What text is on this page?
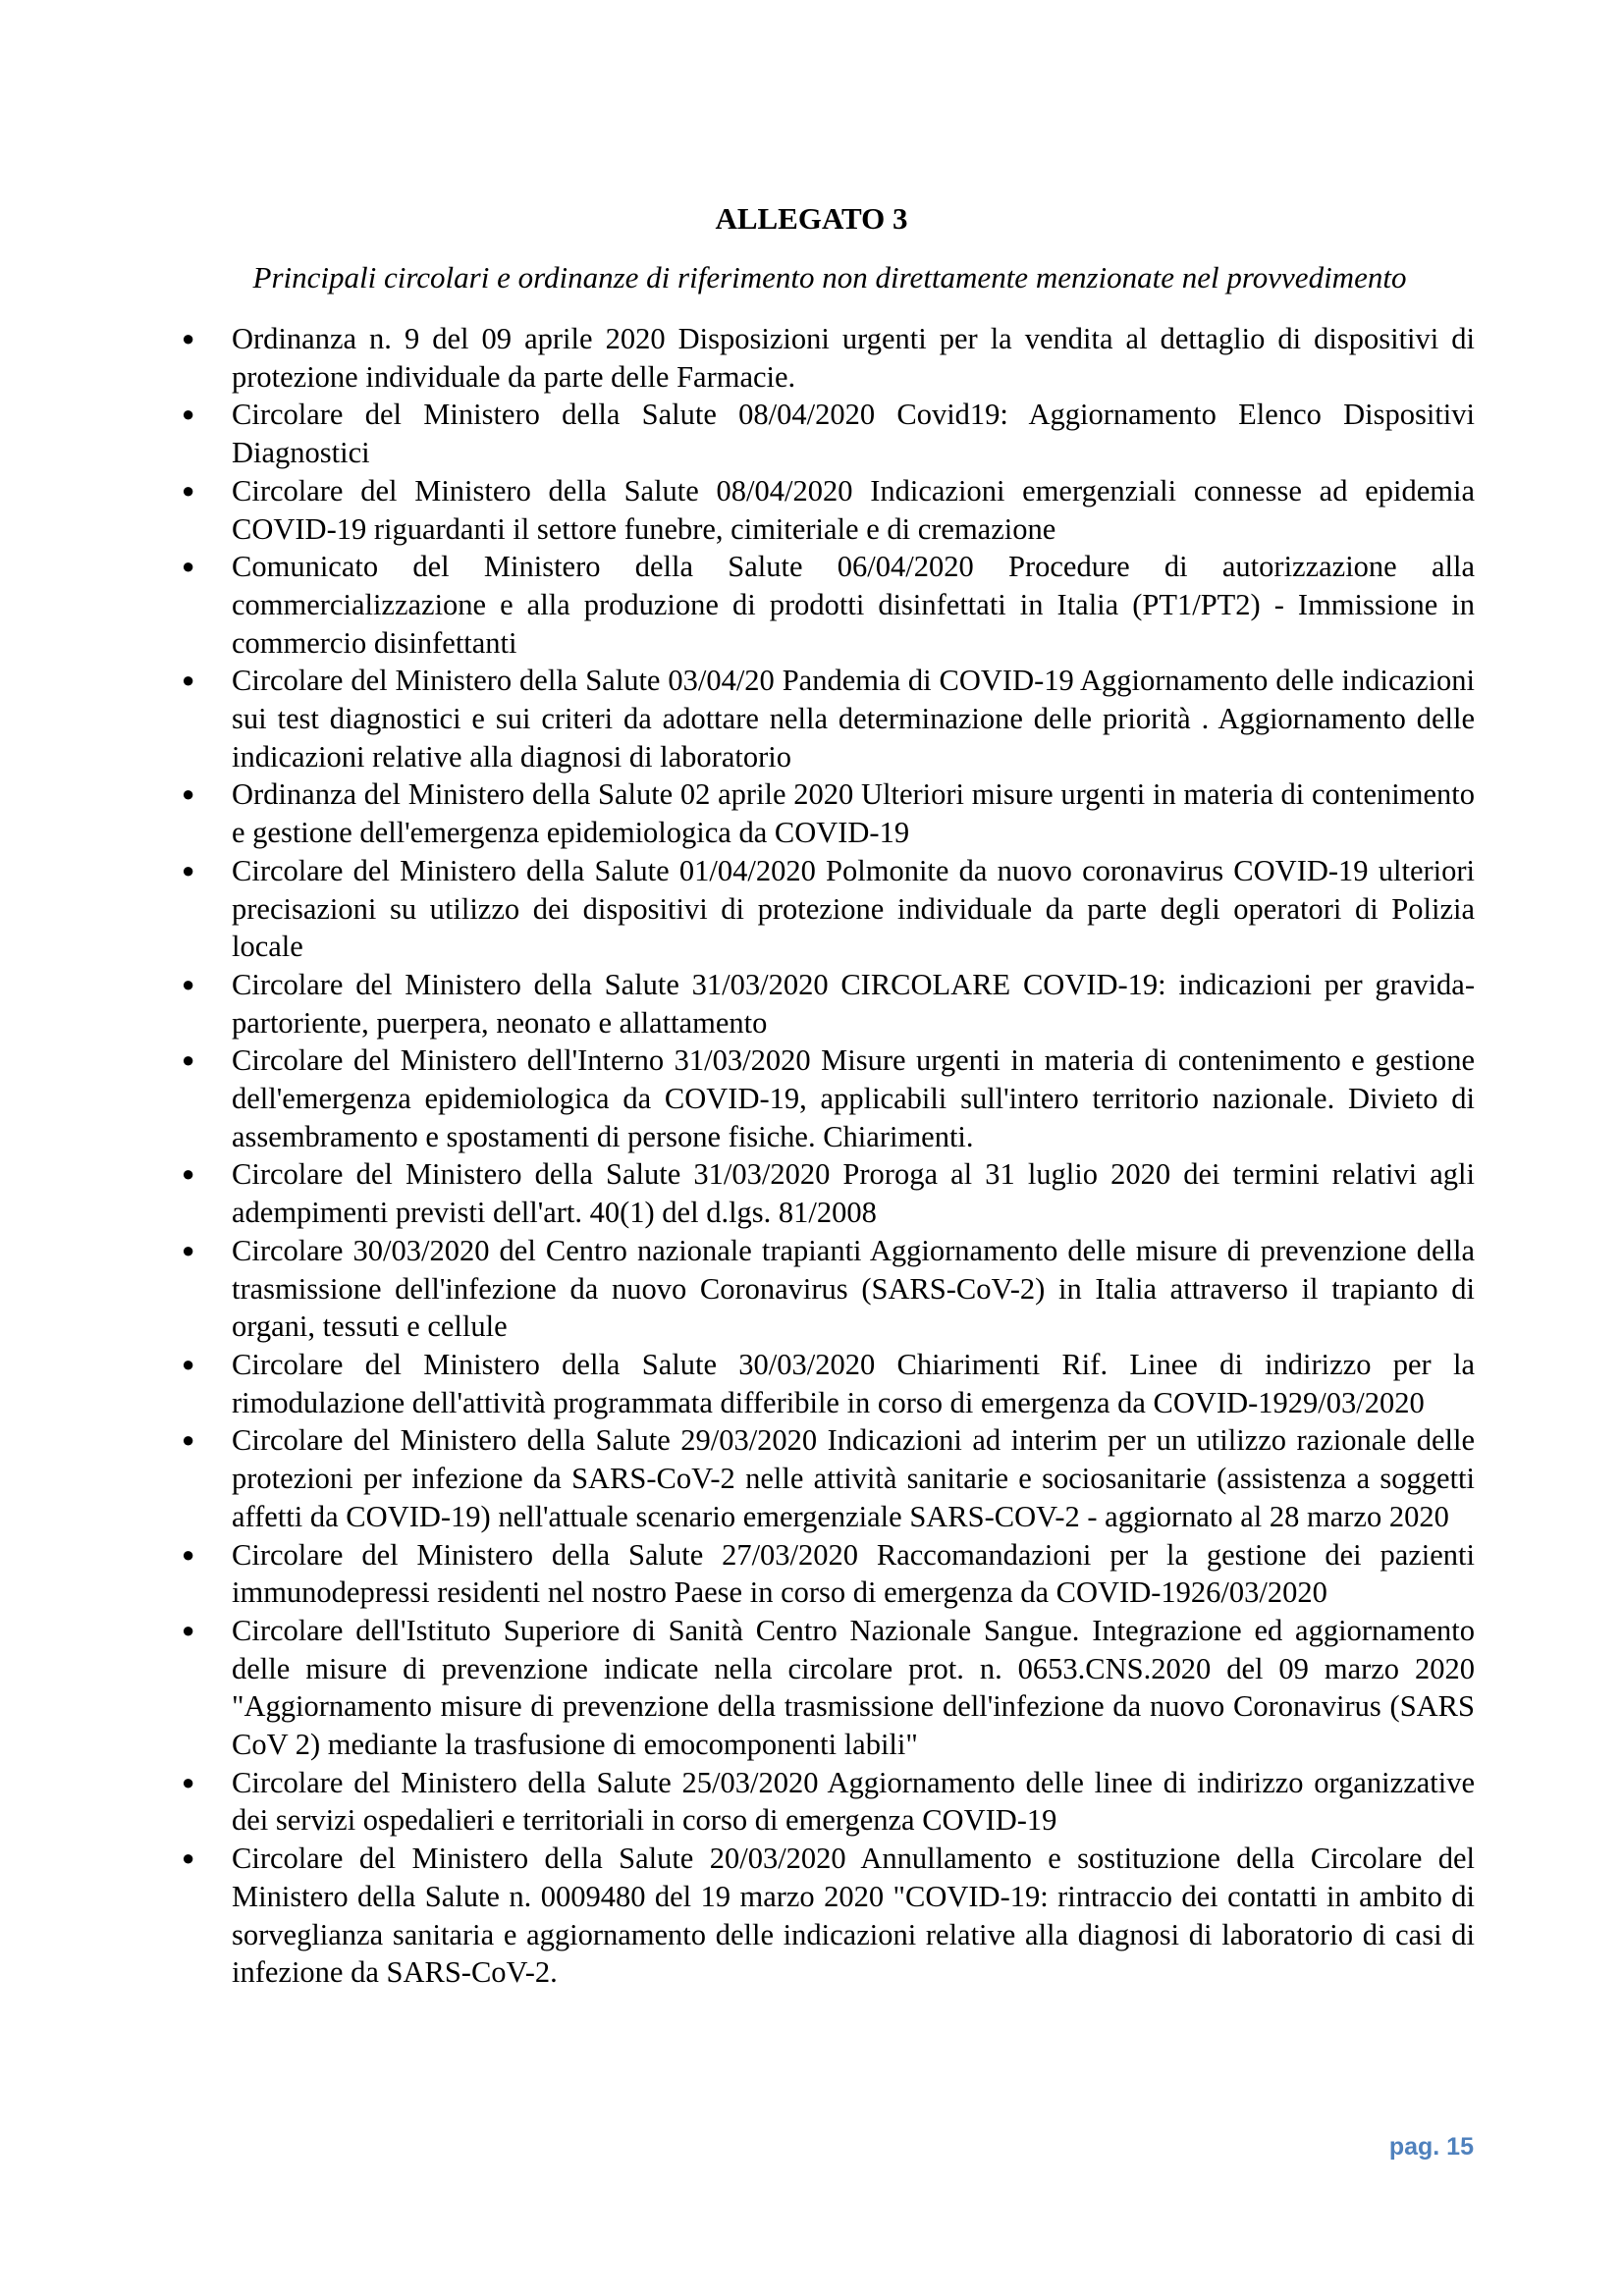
ALLEGATO 3

Principali circolari e ordinanze di riferimento non direttamente menzionate nel provvedimento

● Ordinanza n. 9 del 09 aprile 2020 Disposizioni urgenti per la vendita al dettaglio di dispositivi di protezione individuale da parte delle Farmacie.
● Circolare del Ministero della Salute 08/04/2020 Covid19: Aggiornamento Elenco Dispositivi Diagnostici
● Circolare del Ministero della Salute 08/04/2020 Indicazioni emergenziali connesse ad epidemia COVID-19 riguardanti il settore funebre, cimiteriale e di cremazione
● Comunicato del Ministero della Salute 06/04/2020 Procedure di autorizzazione alla commercializzazione e alla produzione di prodotti disinfettati in Italia (PT1/PT2) - Immissione in commercio disinfettanti
● Circolare del Ministero della Salute 03/04/20 Pandemia di COVID-19 Aggiornamento delle indicazioni sui test diagnostici e sui criteri da adottare nella determinazione delle priorità . Aggiornamento delle indicazioni relative alla diagnosi di laboratorio
● Ordinanza del Ministero della Salute 02 aprile 2020 Ulteriori misure urgenti in materia di contenimento e gestione dell'emergenza epidemiologica da COVID-19
● Circolare del Ministero della Salute 01/04/2020 Polmonite da nuovo coronavirus COVID-19 ulteriori precisazioni su utilizzo dei dispositivi di protezione individuale da parte degli operatori di Polizia locale
● Circolare del Ministero della Salute 31/03/2020 CIRCOLARE COVID-19: indicazioni per gravida-partoriente, puerpera, neonato e allattamento
● Circolare del Ministero dell'Interno 31/03/2020 Misure urgenti in materia di contenimento e gestione dell'emergenza epidemiologica da COVID-19, applicabili sull'intero territorio nazionale. Divieto di assembramento e spostamenti di persone fisiche. Chiarimenti.
● Circolare del Ministero della Salute 31/03/2020 Proroga al 31 luglio 2020 dei termini relativi agli adempimenti previsti dell'art. 40(1) del d.lgs. 81/2008
● Circolare 30/03/2020 del Centro nazionale trapianti Aggiornamento delle misure di prevenzione della trasmissione dell'infezione da nuovo Coronavirus (SARS-CoV-2) in Italia attraverso il trapianto di organi, tessuti e cellule
● Circolare del Ministero della Salute 30/03/2020 Chiarimenti Rif. Linee di indirizzo per la rimodulazione dell'attività programmata differibile in corso di emergenza da COVID-1929/03/2020
● Circolare del Ministero della Salute 29/03/2020 Indicazioni ad interim per un utilizzo razionale delle protezioni per infezione da SARS-CoV-2 nelle attività sanitarie e sociosanitarie (assistenza a soggetti affetti da COVID-19) nell'attuale scenario emergenziale SARS-COV-2 - aggiornato al 28 marzo 2020
● Circolare del Ministero della Salute 27/03/2020 Raccomandazioni per la gestione dei pazienti immunodepressi residenti nel nostro Paese in corso di emergenza da COVID-1926/03/2020
● Circolare dell'Istituto Superiore di Sanità Centro Nazionale Sangue. Integrazione ed aggiornamento delle misure di prevenzione indicate nella circolare prot. n. 0653.CNS.2020 del 09 marzo 2020 "Aggiornamento misure di prevenzione della trasmissione dell'infezione da nuovo Coronavirus (SARS CoV 2) mediante la trasfusione di emocomponenti labili"
● Circolare del Ministero della Salute 25/03/2020 Aggiornamento delle linee di indirizzo organizzative dei servizi ospedalieri e territoriali in corso di emergenza COVID-19
● Circolare del Ministero della Salute 20/03/2020 Annullamento e sostituzione della Circolare del Ministero della Salute n. 0009480 del 19 marzo 2020 "COVID-19: rintraccio dei contatti in ambito di sorveglianza sanitaria e aggiornamento delle indicazioni relative alla diagnosi di laboratorio di casi di infezione da SARS-CoV-2.
pag. 15
